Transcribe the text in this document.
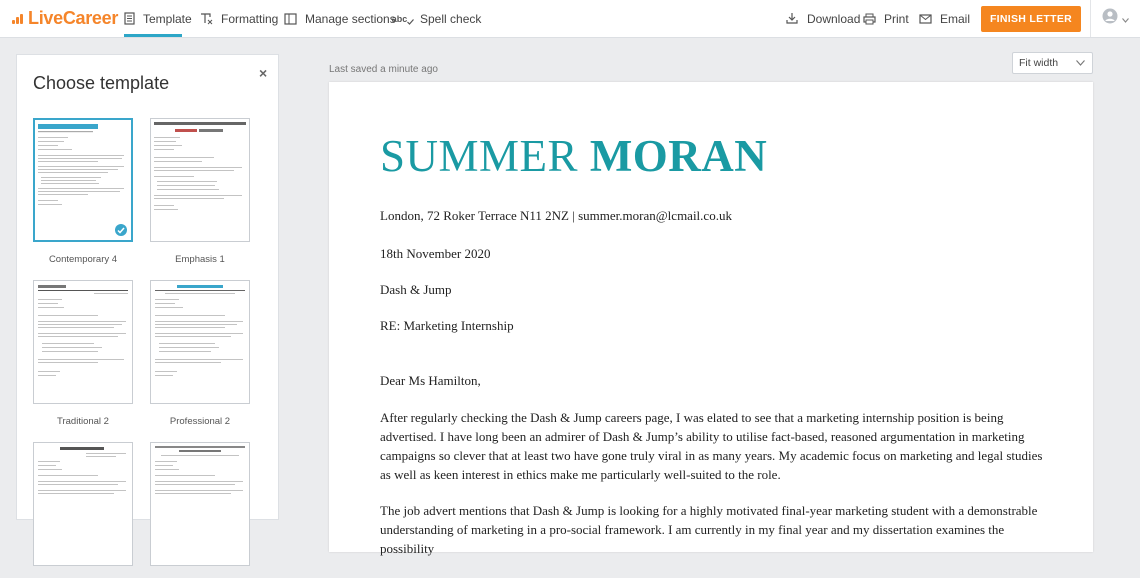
LiveCareer Template Formatting Manage sections
abc Spell check	Download Print	Email	FINISH LETTER
Choose template	×
Contemporary 4	Emphasis 1
Traditional 2	Professional 2
Last saved a minute ago
Fit width
SUMMER MORAN
London, 72 Roker Terrace N11 2NZ | summer.moran@lcmail.co.uk
18th November 2020
Dash & Jump
RE: Marketing Internship
Dear Ms Hamilton,
After regularly checking the Dash & Jump careers page, I was elated to see that a marketing internship position is being advertised. I have long been an admirer of Dash & Jump’s ability to utilise fact-based, reasoned argumentation in marketing campaigns so clever that at least two have gone truly viral in as many years. My academic focus on marketing and legal studies as well as keen interest in ethics make me particularly well-suited to the role.
The job advert mentions that Dash & Jump is looking for a highly motivated final-year marketing student with a demonstrable understanding of marketing in a pro-social framework. I am currently in my final year and my dissertation examines the possibility
